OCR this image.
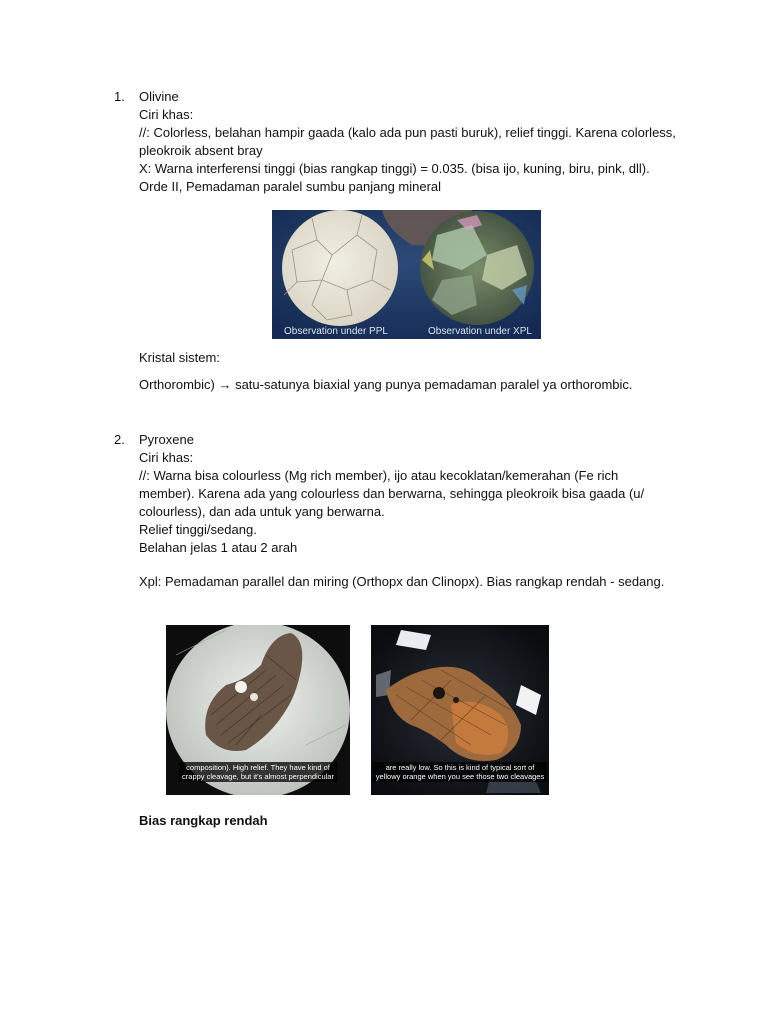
1. Olivine
Ciri khas:
//: Colorless, belahan hampir gaada (kalo ada pun pasti buruk), relief tinggi. Karena colorless,
pleokroik absent bray
X: Warna interferensi tinggi (bias rangkap tinggi) = 0.035. (bisa ijo, kuning, biru, pink, dll).
Orde II, Pemadaman paralel sumbu panjang mineral
Observation under PPL	Observation under XPL
Kristal sistem:
Orthorombic) → satu-satunya biaxial yang punya pemadaman paralel ya orthorombic.
2. Pyroxene
Ciri khas:
//: Warna bisa colourless (Mg rich member), ijo atau kecoklatan/kemerahan (Fe rich
member). Karena ada yang colourless dan berwarna, sehingga pleokroik bisa gaada (u/
colourless), dan ada untuk yang berwarna.
Relief tinggi/sedang.
Belahan jelas 1 atau 2 arah
Xpl: Pemadaman parallel dan miring (Orthopx dan Clinopx). Bias rangkap rendah - sedang.
composition). High relief. They have kind of
crappy cleavage, but it's almost perpendicular
are really low. So this is kind of typical sort of
yellowy orange when you see those two cleavages
Bias rangkap rendah
